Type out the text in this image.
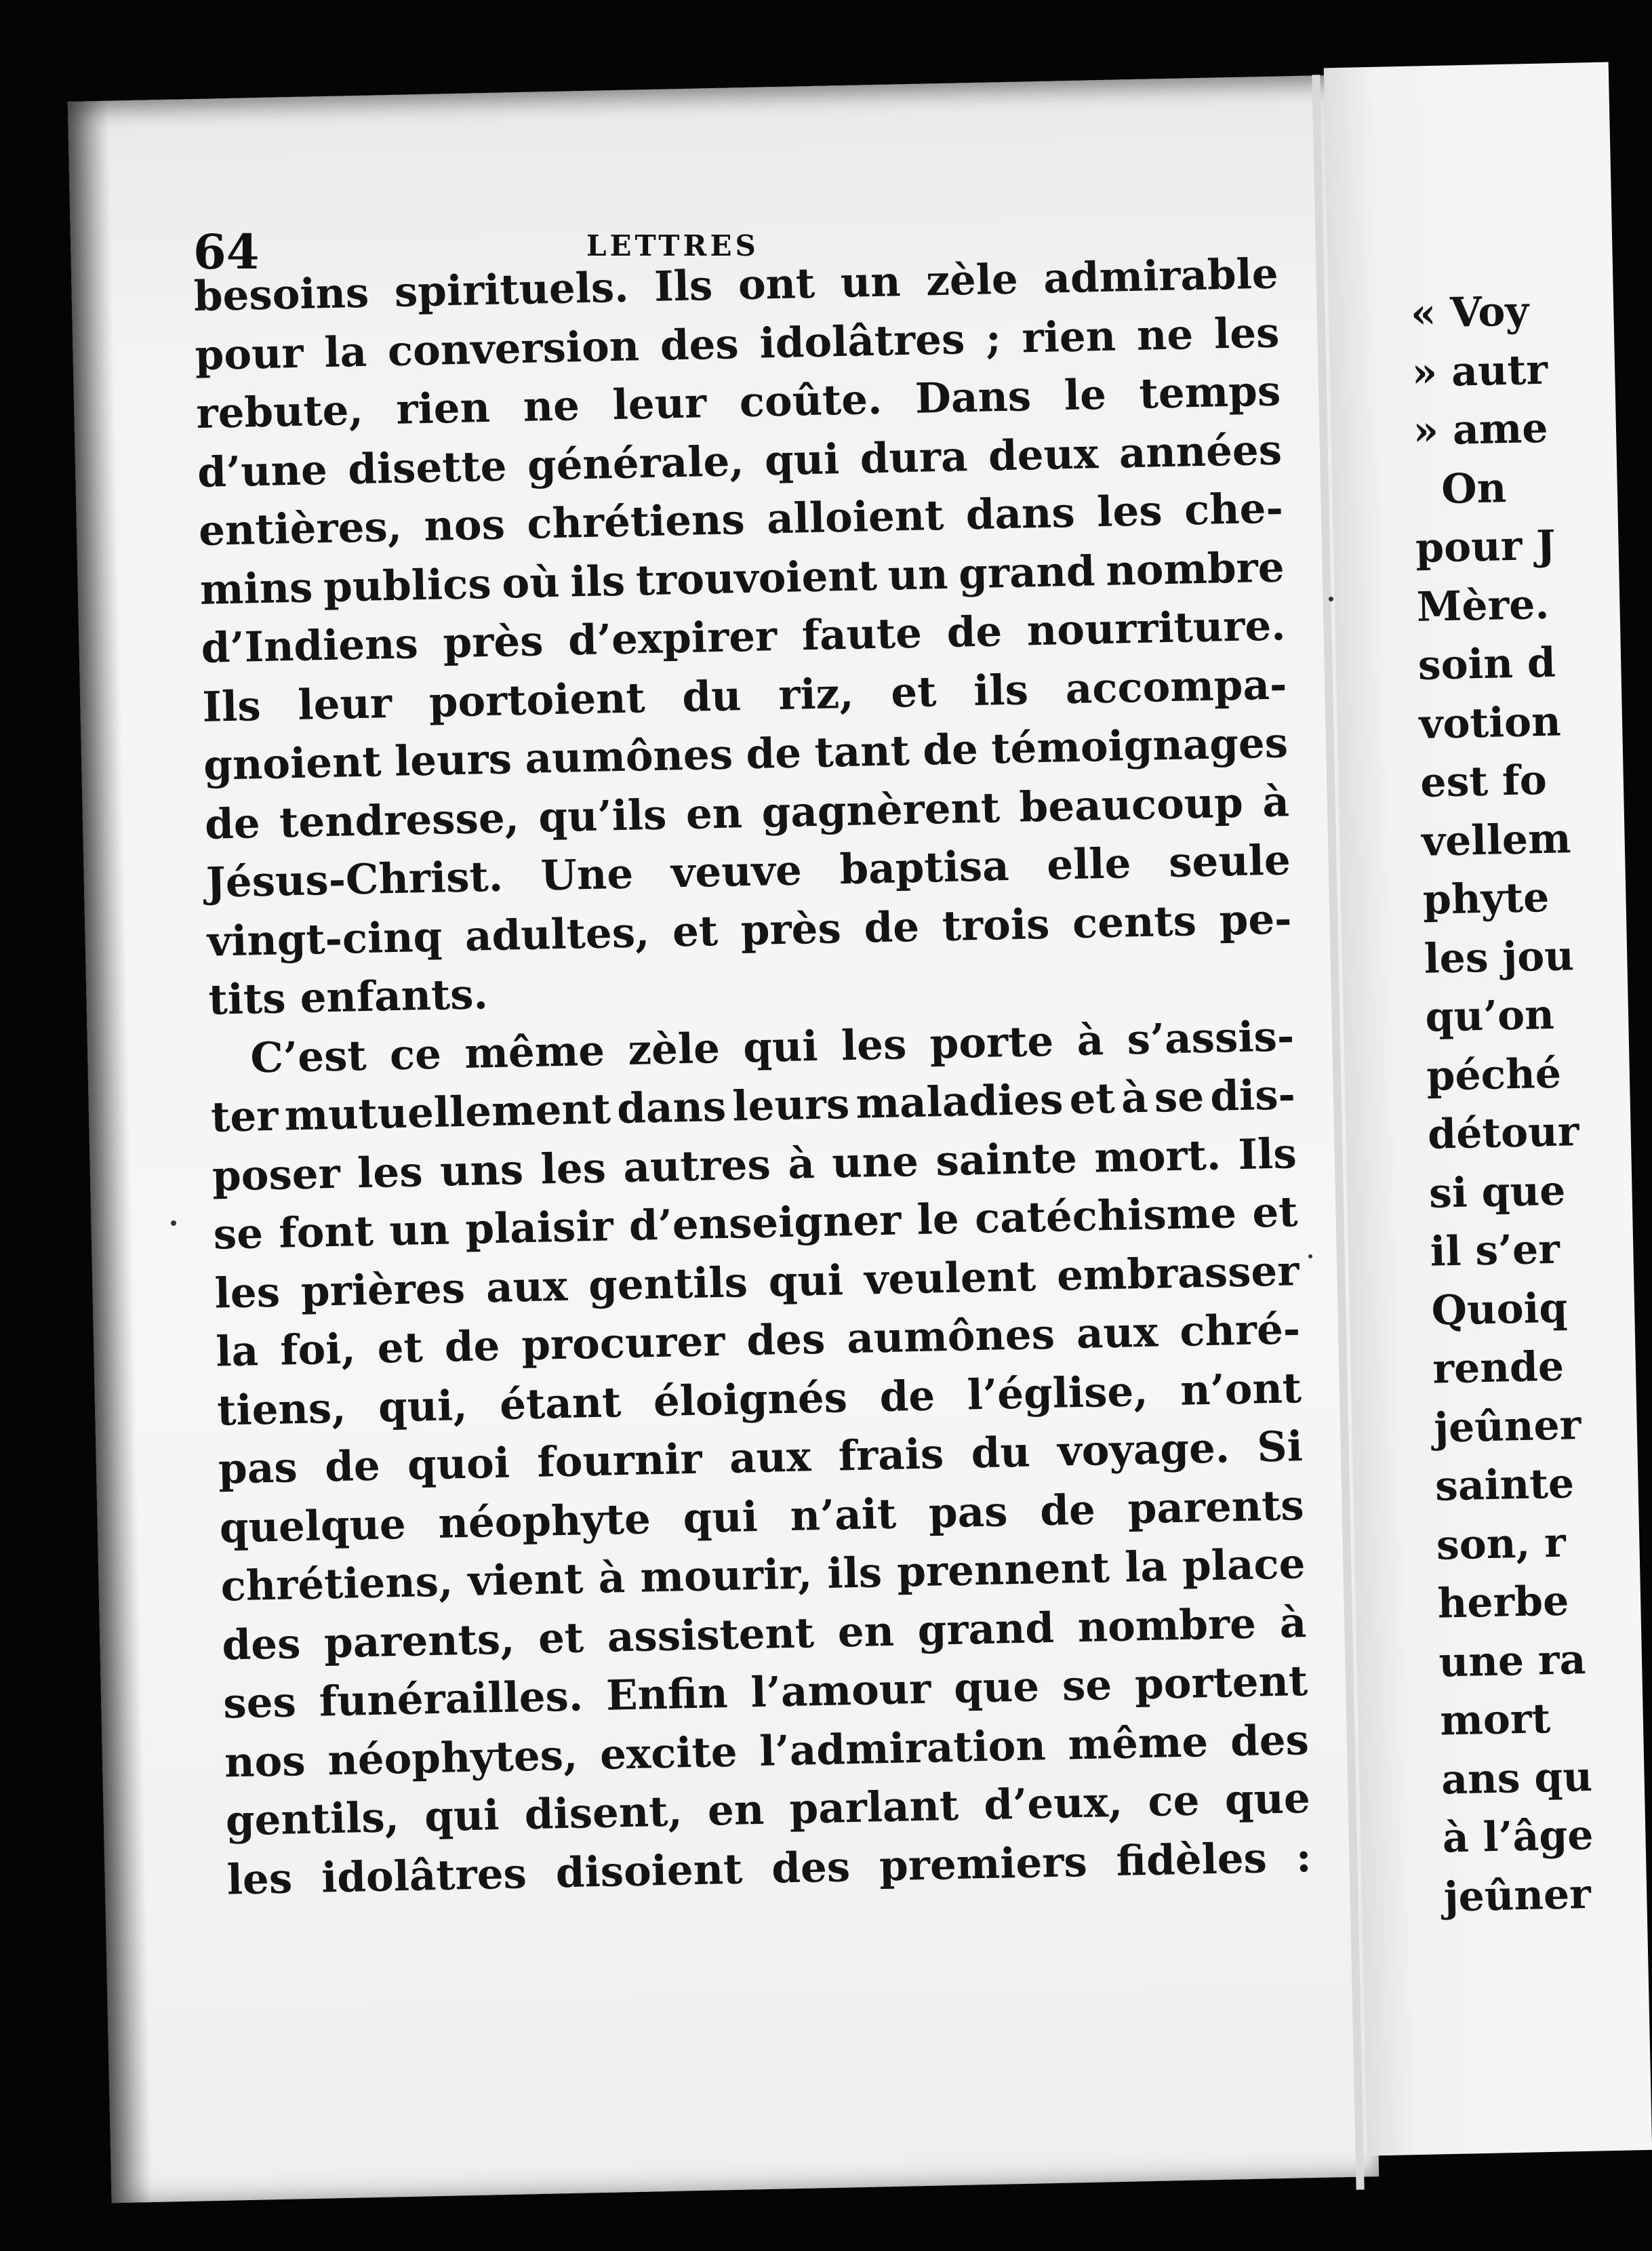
64	LETTRES
besoins spirituels. Ils ont un zèle admirable
pour la conversion des idolâtres ; rien ne les
rebute, rien ne leur coûte. Dans le temps
d’une disette générale, qui dura deux années
entières, nos chrétiens alloient dans les che-
mins publics où ils trouvoient un grand nombre
d’Indiens près d’expirer faute de nourriture.
Ils leur portoient du riz, et ils accompa-
gnoient leurs aumônes de tant de témoignages
de tendresse, qu’ils en gagnèrent beaucoup à
Jésus-Christ. Une veuve baptisa elle seule
vingt-cinq adultes, et près de trois cents pe-
tits enfants.
C’est ce même zèle qui les porte à s’assis-
ter mutuellement dans leurs maladies et à se dis-
poser les uns les autres à une sainte mort. Ils
se font un plaisir d’enseigner le catéchisme et
les prières aux gentils qui veulent embrasser
la foi, et de procurer des aumônes aux chré-
tiens, qui, étant éloignés de l’église, n’ont
pas de quoi fournir aux frais du voyage. Si
quelque néophyte qui n’ait pas de parents
chrétiens, vient à mourir, ils prennent la place
des parents, et assistent en grand nombre à
ses funérailles. Enfin l’amour que se portent
nos néophytes, excite l’admiration même des
gentils, qui disent, en parlant d’eux, ce que
les idolâtres disoient des premiers fidèles :
« Voy
» autr
» ame
On
pour J
Mère.
soin d
votion
est fo
vellem
phyte
les jou
qu’on
péché
détour
si que
il s’er
Quoiq
rende
jeûner
sainte
son, r
herbe
une ra
mort
ans qu
à l’âge
jeûner
